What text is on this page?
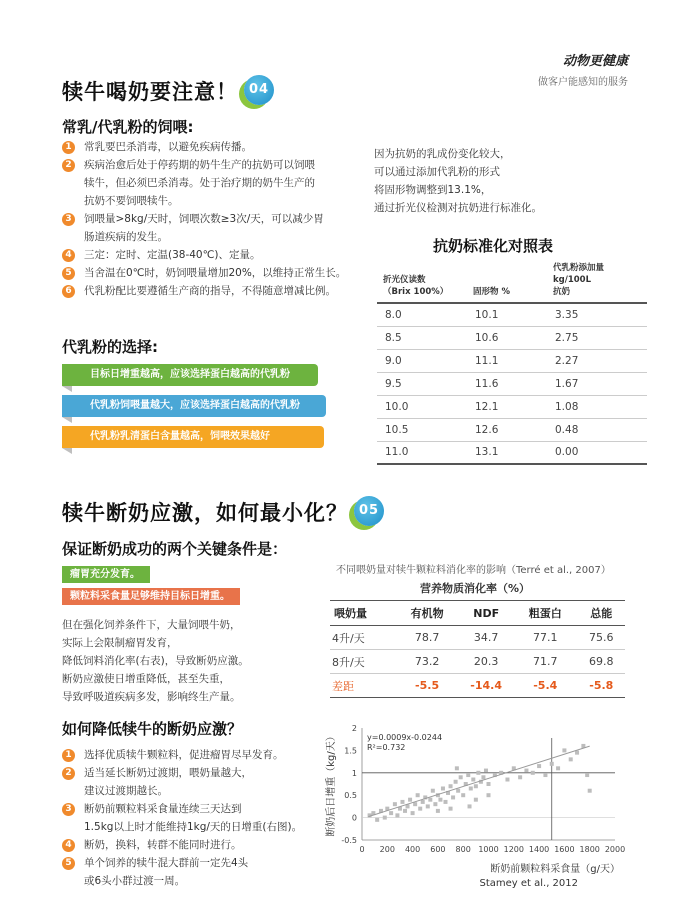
动物更健康
做客户能感知的服务
犊牛喝奶要注意！ 04
常乳/代乳粉的饲喂:
1	常乳要巴杀消毒，以避免疾病传播。
2	疾病治愈后处于停药期的奶牛生产的抗奶可以饲喂
犊牛，但必须巴杀消毒。处于治疗期的奶牛生产的
抗奶不要饲喂犊牛。
3	饲喂量>8kg/天时，饲喂次数≥3次/天，可以减少胃
肠道疾病的发生。
4	三定：定时、定温(38-40℃)、定量。
5	当舍温在0℃时，奶饲喂量增加20%，以维持正常生长。
6	代乳粉配比要遵循生产商的指导，不得随意增减比例。
因为抗奶的乳成份变化较大，
可以通过添加代乳粉的形式
将固形物调整到13.1%，
通过折光仪检测对抗奶进行标准化。
抗奶标准化对照表
折光仪读数
（Brix 100%）	固形物 %	代乳粉添加量 kg/100L
抗奶
8.0	10.1	3.35
8.5	10.6	2.75
9.0	11.1	2.27
9.5	11.6	1.67
10.0	12.1	1.08
10.5	12.6	0.48
11.0	13.1	0.00
代乳粉的选择:
目标日增重越高，应该选择蛋白越高的代乳粉
代乳粉饲喂量越大，应该选择蛋白越高的代乳粉
代乳粉乳清蛋白含量越高，饲喂效果越好
犊牛断奶应激，如何最小化？ 05
保证断奶成功的两个关键条件是：
瘤胃充分发育。
颗粒料采食量足够维持目标日增重。
但在强化饲养条件下，大量饲喂牛奶，
实际上会限制瘤胃发育，
降低饲料消化率(右表)，导致断奶应激。
断奶应激使日增重降低，甚至失重，
导致呼吸道疾病多发，影响终生产量。
如何降低犊牛的断奶应激？
1	选择优质犊牛颗粒料，促进瘤胃尽早发育。
2	适当延长断奶过渡期，喂奶量越大，
建议过渡期越长。
3	断奶前颗粒料采食量连续三天达到
1.5kg以上时才能维持1kg/天的日增重(右图)。
4	断奶，换料，转群不能同时进行。
5	单个饲养的犊牛混大群前一定先4头
或6头小群过渡一周。
不同喂奶量对犊牛颗粒料消化率的影响（Terré et al., 2007）
营养物质消化率（%）
喂奶量	有机物	NDF	粗蛋白	总能
4升/天	78.7	34.7	77.1	75.6
8升/天	73.2	20.3	71.7	69.8
差距	-5.5	-14.4	-5.4	-5.8
0 200 400 600 800 1000 1200 1400 1600 1800 2000
-0.5
0
0.5
1
1.5
2
y=0.0009x-0.0244
R²=0.732
断奶后日增重（kg/天）
断奶前颗粒料采食量（g/天）
Stamey et al., 2012
